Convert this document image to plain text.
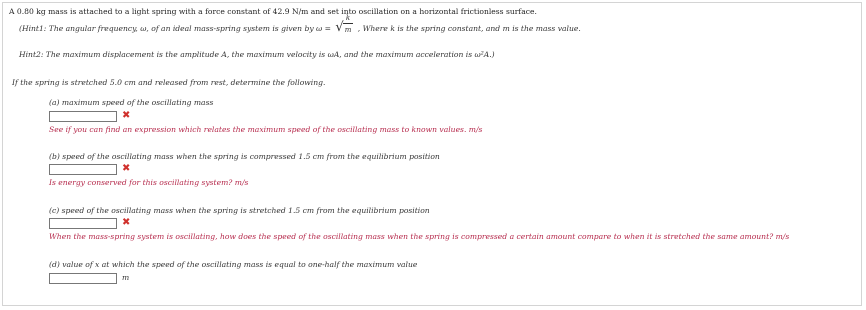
A 0.80 kg mass is attached to a light spring with a force constant of 42.9 N/m and set into oscillation on a horizontal frictionless surface.
(Hint1: The angular frequency, ω, of an ideal mass-spring system is given by ω = √
k
m , Where k is the spring constant, and m is the mass value.
Hint2: The maximum displacement is the amplitude A, the maximum velocity is ωA, and the maximum acceleration is ω²A.)
If the spring is stretched 5.0 cm and released from rest, determine the following.
(a) maximum speed of the oscillating mass
✖
See if you can find an expression which relates the maximum speed of the oscillating mass to known values. m/s
(b) speed of the oscillating mass when the spring is compressed 1.5 cm from the equilibrium position
✖
Is energy conserved for this oscillating system? m/s
(c) speed of the oscillating mass when the spring is stretched 1.5 cm from the equilibrium position
✖
When the mass-spring system is oscillating, how does the speed of the oscillating mass when the spring is compressed a certain amount compare to when it is stretched the same amount? m/s
(d) value of x at which the speed of the oscillating mass is equal to one-half the maximum value
m
